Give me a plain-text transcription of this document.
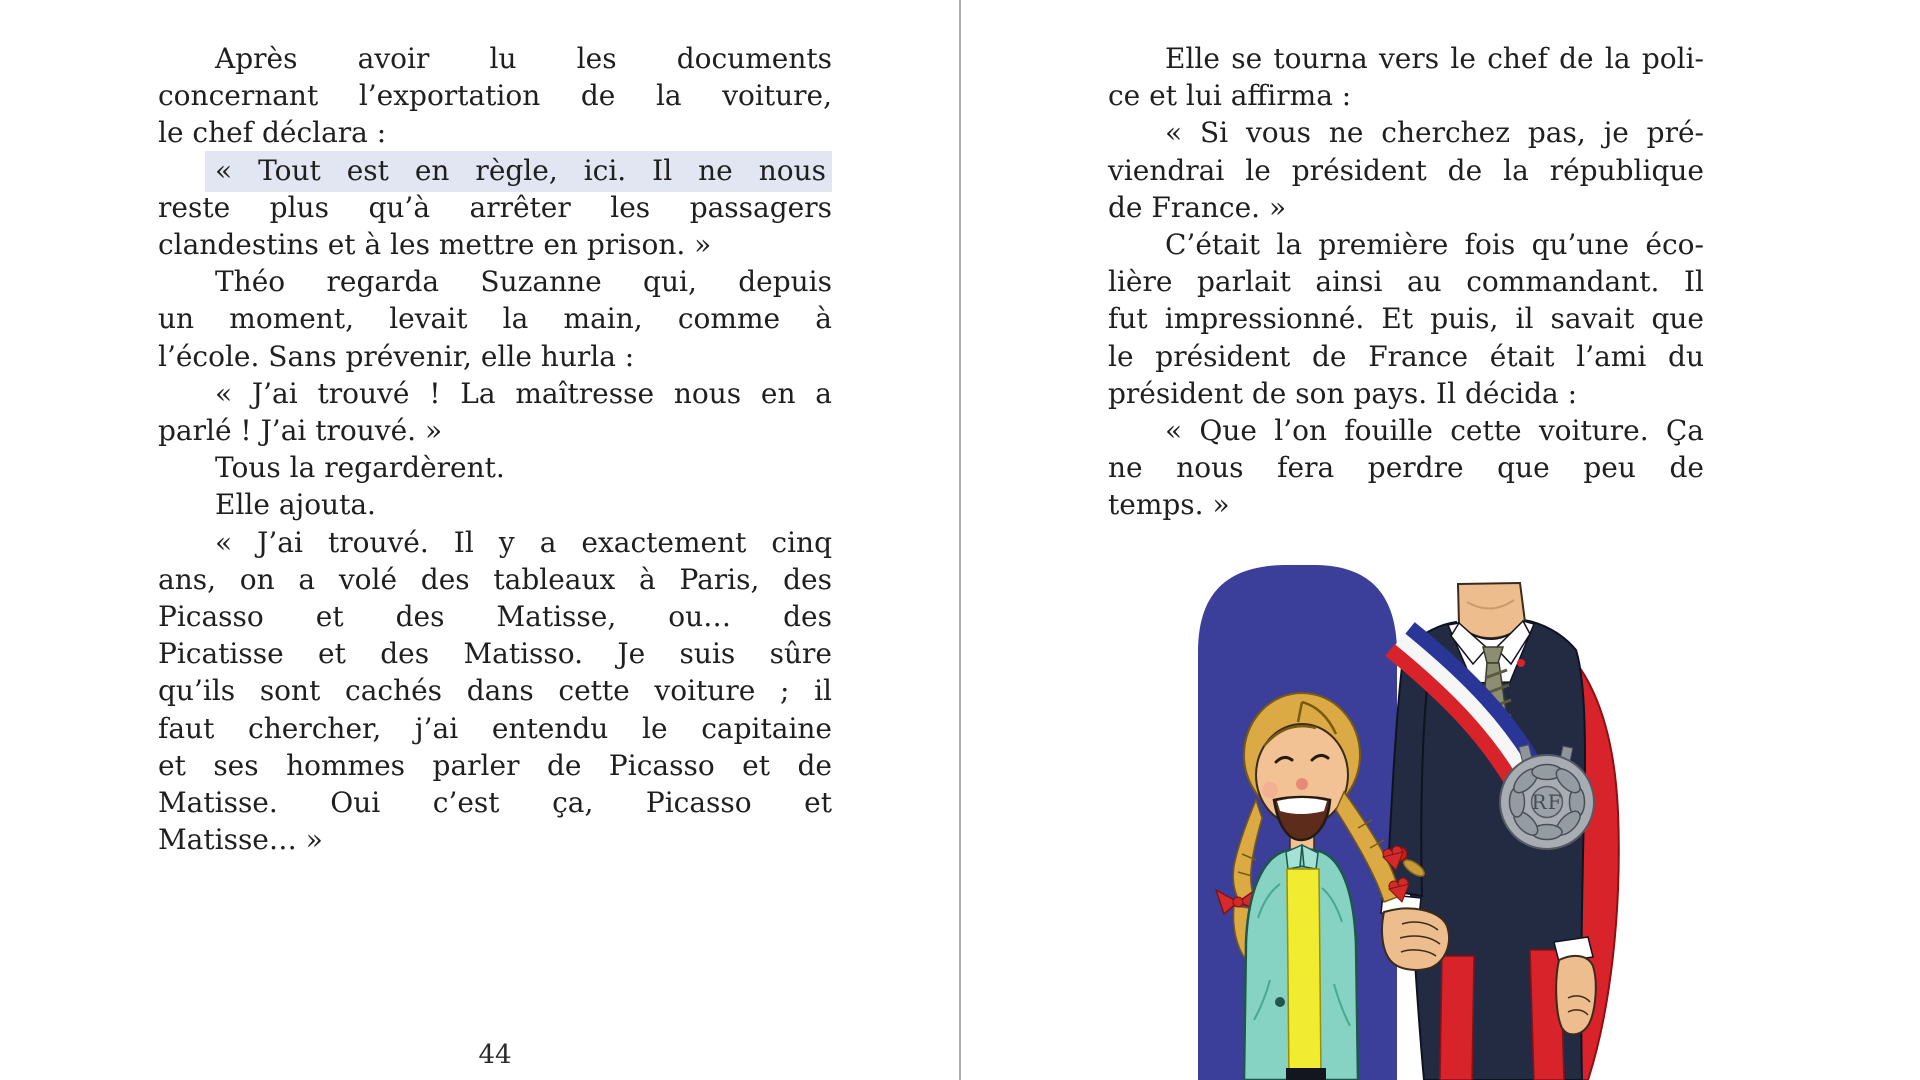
Après avoir lu les documents
concernant l’exportation de la voiture,
le chef déclara :
« Tout est en règle, ici. Il ne nous
reste plus qu’à arrêter les passagers
clandestins et à les mettre en prison. »
Théo regarda Suzanne qui, depuis
un moment, levait la main, comme à
l’école. Sans prévenir, elle hurla :
« J’ai trouvé ! La maîtresse nous en a
parlé ! J’ai trouvé. »
Tous la regardèrent.
Elle ajouta.
« J’ai trouvé. Il y a exactement cinq
ans, on a volé des tableaux à Paris, des
Picasso et des Matisse, ou… des
Picatisse et des Matisso. Je suis sûre
qu’ils sont cachés dans cette voiture ; il
faut chercher, j’ai entendu le capitaine
et ses hommes parler de Picasso et de
Matisse. Oui c’est ça, Picasso et
Matisse… »
44
Elle se tourna vers le chef de la poli-
ce et lui affirma :
« Si vous ne cherchez pas, je pré-
viendrai le président de la république
de France. »
C’était la première fois qu’une éco-
lière parlait ainsi au commandant. Il
fut impressionné. Et puis, il savait que
le président de France était l’ami du
président de son pays. Il décida :
« Que l’on fouille cette voiture. Ça
ne nous fera perdre que peu de
temps. »
RF
